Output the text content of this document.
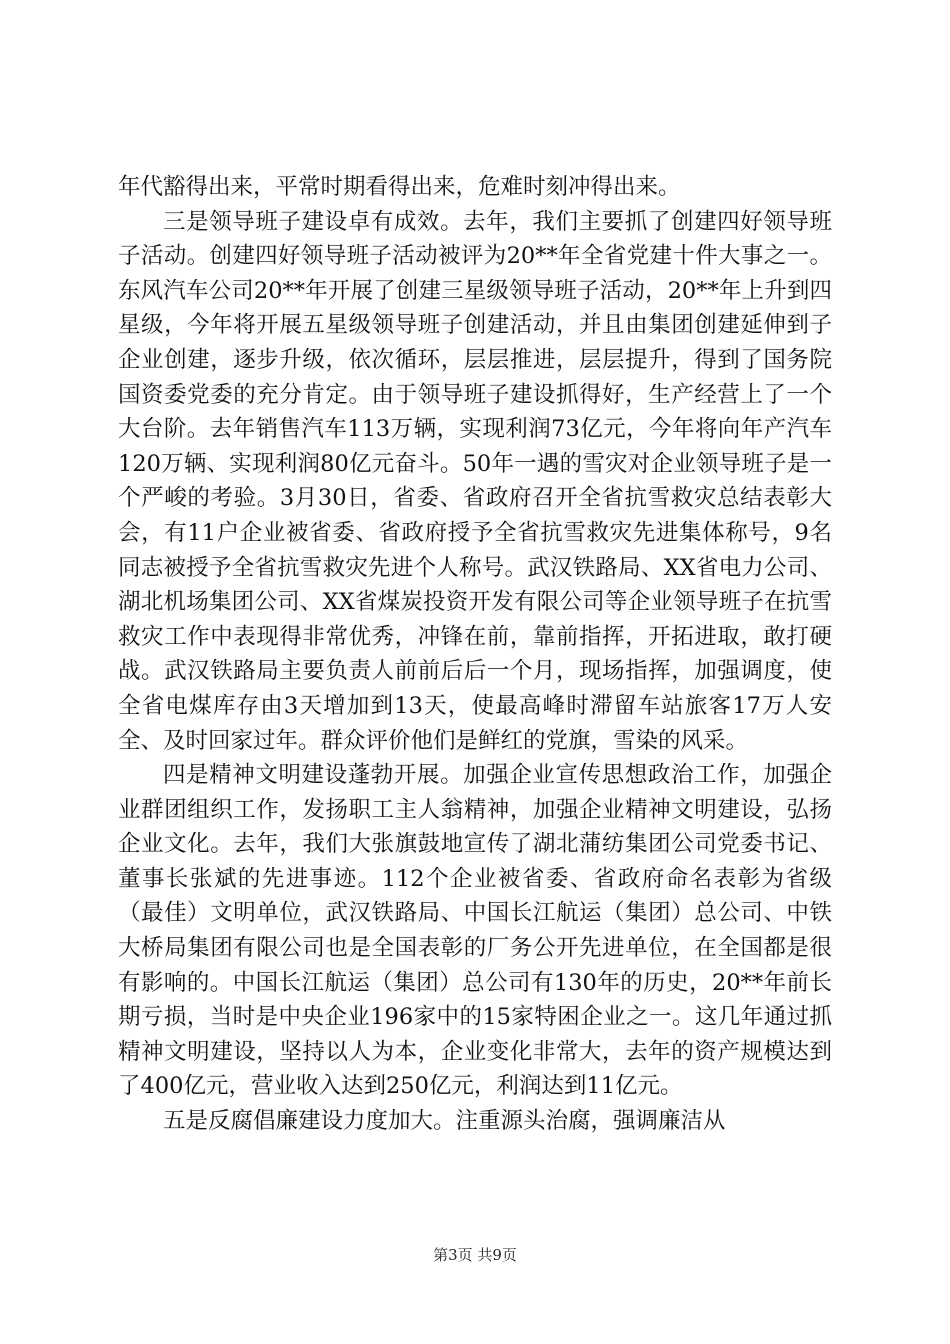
年代豁得出来，平常时期看得出来，危难时刻冲得出来。

三是领导班子建设卓有成效。去年，我们主要抓了创建四好领导班子活动。创建四好领导班子活动被评为20**年全省党建十件大事之一。东风汽车公司20**年开展了创建三星级领导班子活动，20**年上升到四星级，今年将开展五星级领导班子创建活动，并且由集团创建延伸到子企业创建，逐步升级，依次循环，层层推进，层层提升，得到了国务院国资委党委的充分肯定。由于领导班子建设抓得好，生产经营上了一个大台阶。去年销售汽车113万辆，实现利润73亿元，今年将向年产汽车120万辆、实现利润80亿元奋斗。50年一遇的雪灾对企业领导班子是一个严峻的考验。3月30日，省委、省政府召开全省抗雪救灾总结表彰大会，有11户企业被省委、省政府授予全省抗雪救灾先进集体称号，9名同志被授予全省抗雪救灾先进个人称号。武汉铁路局、XX省电力公司、湖北机场集团公司、XX省煤炭投资开发有限公司等企业领导班子在抗雪救灾工作中表现得非常优秀，冲锋在前，靠前指挥，开拓进取，敢打硬战。武汉铁路局主要负责人前前后后一个月，现场指挥，加强调度，使全省电煤库存由3天增加到13天，使最高峰时滞留车站旅客17万人安全、及时回家过年。群众评价他们是鲜红的党旗，雪染的风采。

四是精神文明建设蓬勃开展。加强企业宣传思想政治工作，加强企业群团组织工作，发扬职工主人翁精神，加强企业精神文明建设，弘扬企业文化。去年，我们大张旗鼓地宣传了湖北蒲纺集团公司党委书记、董事长张斌的先进事迹。112个企业被省委、省政府命名表彰为省级（最佳）文明单位，武汉铁路局、中国长江航运（集团）总公司、中铁大桥局集团有限公司也是全国表彰的厂务公开先进单位，在全国都是很有影响的。中国长江航运（集团）总公司有130年的历史，20**年前长期亏损，当时是中央企业196家中的15家特困企业之一。这几年通过抓精神文明建设，坚持以人为本，企业变化非常大，去年的资产规模达到了400亿元，营业收入达到250亿元，利润达到11亿元。

五是反腐倡廉建设力度加大。注重源头治腐，强调廉洁从

第3页 共9页
